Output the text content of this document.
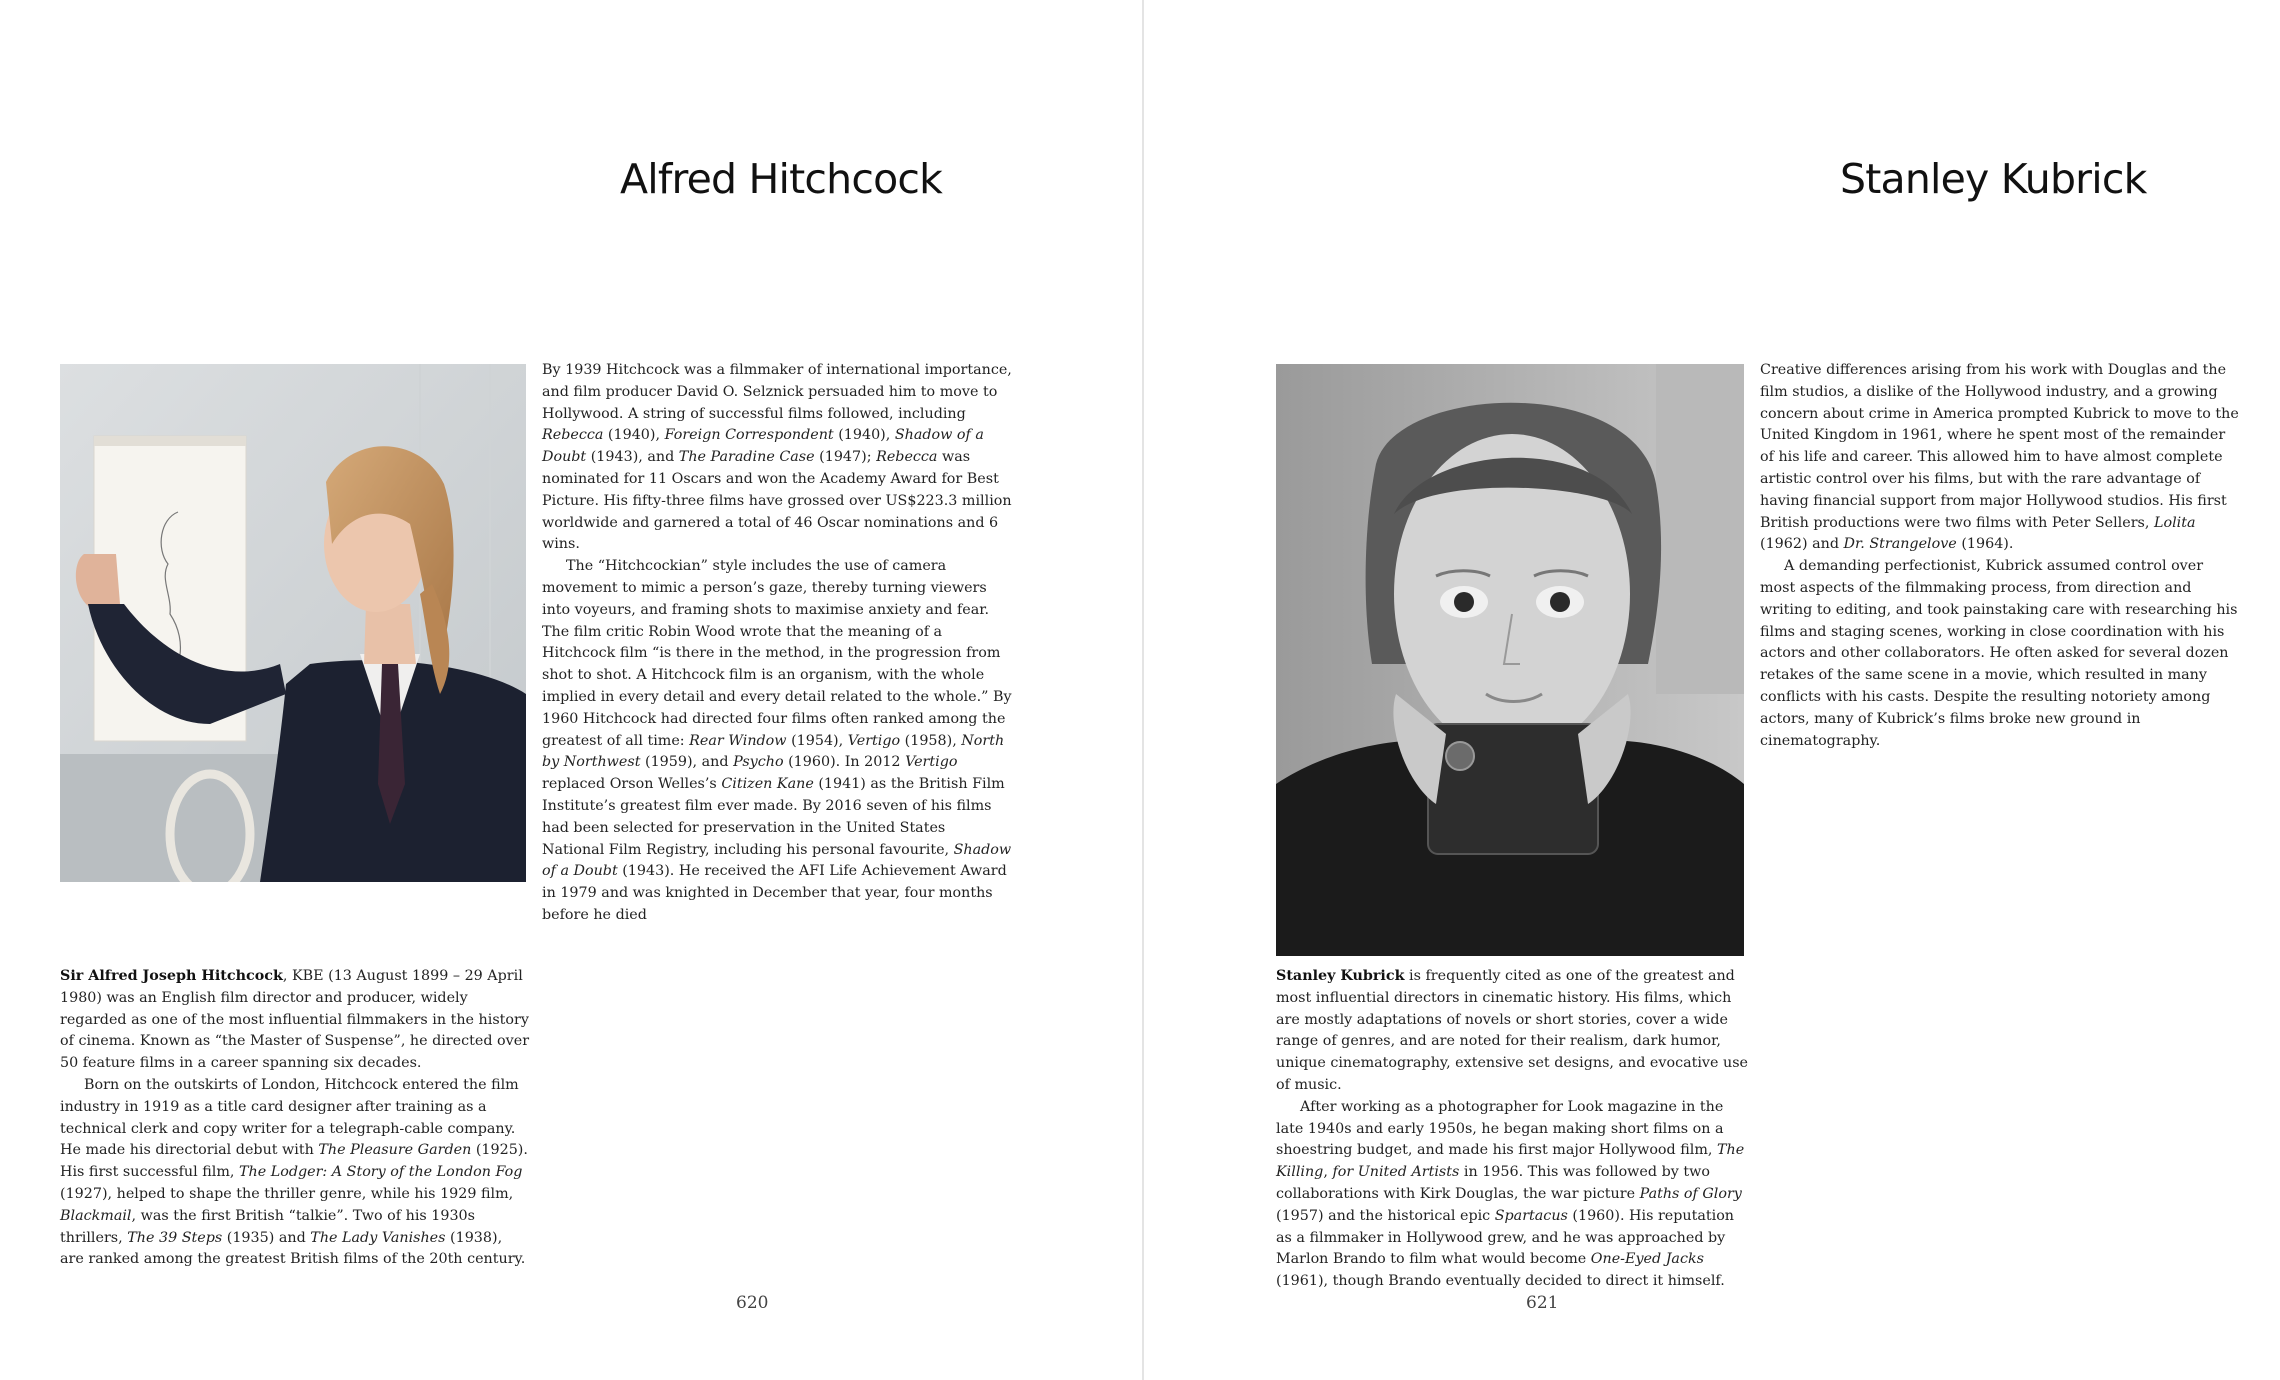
Alfred Hitchcock

By 1939 Hitchcock was a filmmaker of international importance, and film producer David O. Selznick persuaded him to move to Hollywood. A string of successful films followed, including Rebecca (1940), Foreign Correspondent (1940), Shadow of a Doubt (1943), and The Paradine Case (1947); Rebecca was nominated for 11 Oscars and won the Academy Award for Best Picture. His fifty-three films have grossed over US$223.3 million worldwide and garnered a total of 46 Oscar nominations and 6 wins.

The “Hitchcockian” style includes the use of camera movement to mimic a person’s gaze, thereby turning viewers into voyeurs, and framing shots to maximise anxiety and fear. The film critic Robin Wood wrote that the meaning of a Hitchcock film “is there in the method, in the progression from shot to shot. A Hitchcock film is an organism, with the whole implied in every detail and every detail related to the whole.” By 1960 Hitchcock had directed four films often ranked among the greatest of all time: Rear Window (1954), Vertigo (1958), North by Northwest (1959), and Psycho (1960). In 2012 Vertigo replaced Orson Welles’s Citizen Kane (1941) as the British Film Institute’s greatest film ever made. By 2016 seven of his films had been selected for preservation in the United States National Film Registry, including his personal favourite, Shadow of a Doubt (1943). He received the AFI Life Achievement Award in 1979 and was knighted in December that year, four months before he died

Sir Alfred Joseph Hitchcock, KBE (13 August 1899 – 29 April 1980) was an English film director and producer, widely regarded as one of the most influential filmmakers in the history of cinema. Known as “the Master of Suspense”, he directed over 50 feature films in a career spanning six decades.

Born on the outskirts of London, Hitchcock entered the film industry in 1919 as a title card designer after training as a technical clerk and copy writer for a telegraph-cable company. He made his directorial debut with The Pleasure Garden (1925). His first successful film, The Lodger: A Story of the London Fog (1927), helped to shape the thriller genre, while his 1929 film, Blackmail, was the first British “talkie”. Two of his 1930s thrillers, The 39 Steps (1935) and The Lady Vanishes (1938), are ranked among the greatest British films of the 20th century.

620
Stanley Kubrick

Creative differences arising from his work with Douglas and the film studios, a dislike of the Hollywood industry, and a growing concern about crime in America prompted Kubrick to move to the United Kingdom in 1961, where he spent most of the remainder of his life and career. This allowed him to have almost complete artistic control over his films, but with the rare advantage of having financial support from major Hollywood studios. His first British productions were two films with Peter Sellers, Lolita (1962) and Dr. Strangelove (1964).

A demanding perfectionist, Kubrick assumed control over most aspects of the filmmaking process, from direction and writing to editing, and took painstaking care with researching his films and staging scenes, working in close coordination with his actors and other collaborators. He often asked for several dozen retakes of the same scene in a movie, which resulted in many conflicts with his casts. Despite the resulting notoriety among actors, many of Kubrick’s films broke new ground in cinematography.

Stanley Kubrick is frequently cited as one of the greatest and most influential directors in cinematic history. His films, which are mostly adaptations of novels or short stories, cover a wide range of genres, and are noted for their realism, dark humor, unique cinematography, extensive set designs, and evocative use of music.

After working as a photographer for Look magazine in the late 1940s and early 1950s, he began making short films on a shoestring budget, and made his first major Hollywood film, The Killing, for United Artists in 1956. This was followed by two collaborations with Kirk Douglas, the war picture Paths of Glory (1957) and the historical epic Spartacus (1960). His reputation as a filmmaker in Hollywood grew, and he was approached by Marlon Brando to film what would become One-Eyed Jacks (1961), though Brando eventually decided to direct it himself.

621
